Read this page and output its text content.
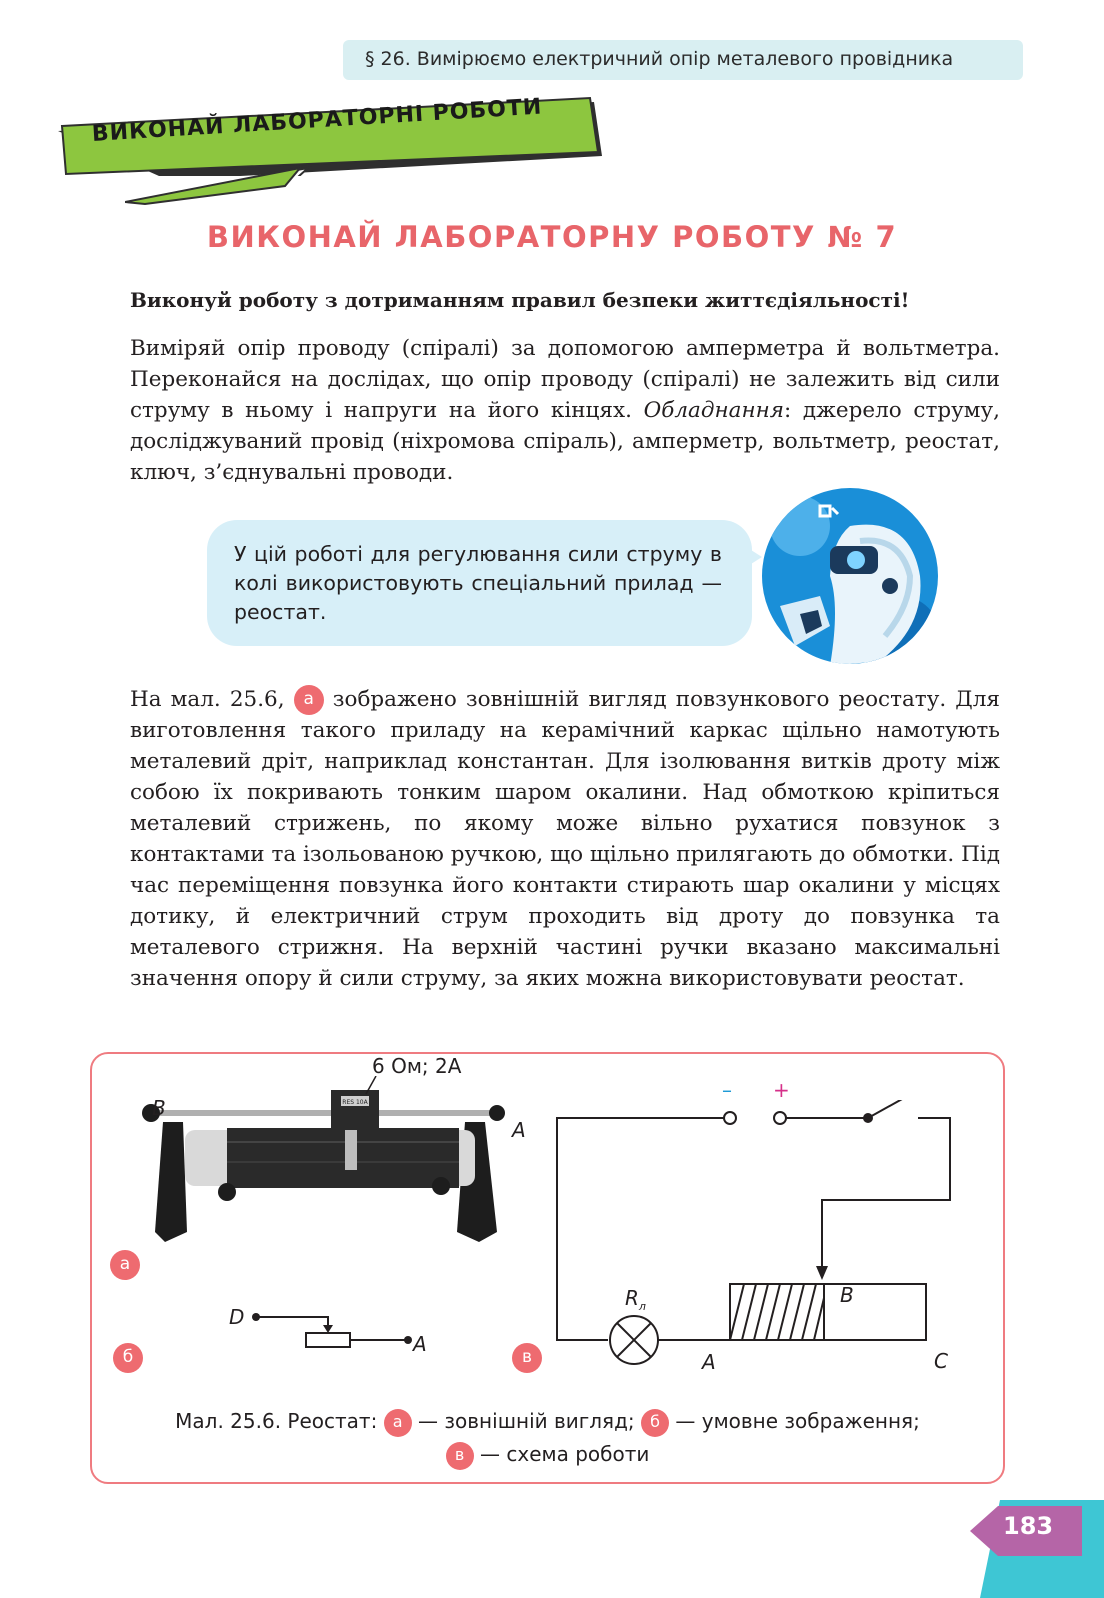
§ 26. Вимірюємо електричний опір металевого провідника
ВИКОНАЙ ЛАБОРАТОРНІ РОБОТИ
ВИКОНАЙ ЛАБОРАТОРНУ РОБОТУ № 7
Виконуй роботу з дотриманням правил безпеки життєдіяльності!
Виміряй опір проводу (спіралі) за допомогою амперметра й вольтметра. Переконайся на дослідах, що опір проводу (спіралі) не залежить від сили струму в ньому і напруги на його кінцях. Обладнання: джерело струму, досліджуваний провід (ніхромова спіраль), амперметр, вольтметр, реостат, ключ, з’єднувальні проводи.
У цій роботі для регулювання сили струму в колі використовують спеціальний прилад — реостат.
На мал. 25.6, а зображено зовнішній вигляд повзункового реостату. Для виготовлення такого приладу на керамічний каркас щільно намотують металевий дріт, наприклад константан. Для ізолювання витків дроту між собою їх покривають тонким шаром окалини. Над обмоткою кріпиться металевий стрижень, по якому може вільно рухатися повзунок з контактами та ізольованою ручкою, що щільно прилягають до обмотки. Під час переміщення повзунка його контакти стирають шар окалини у місцях дотику, й електричний струм проходить від дроту до повзунка та металевого стрижня. На верхній частині ручки вказано максимальні значення опору й сили струму, за яких можна використовувати реостат.
RES 10A
6 Ом; 2А
B
A
а
D
A
б
– +
$R_л$	B
A	C
в
Мал. 25.6. Реостат: а — зовнішній вигляд; б — умовне зображення;
в — схема роботи
183
